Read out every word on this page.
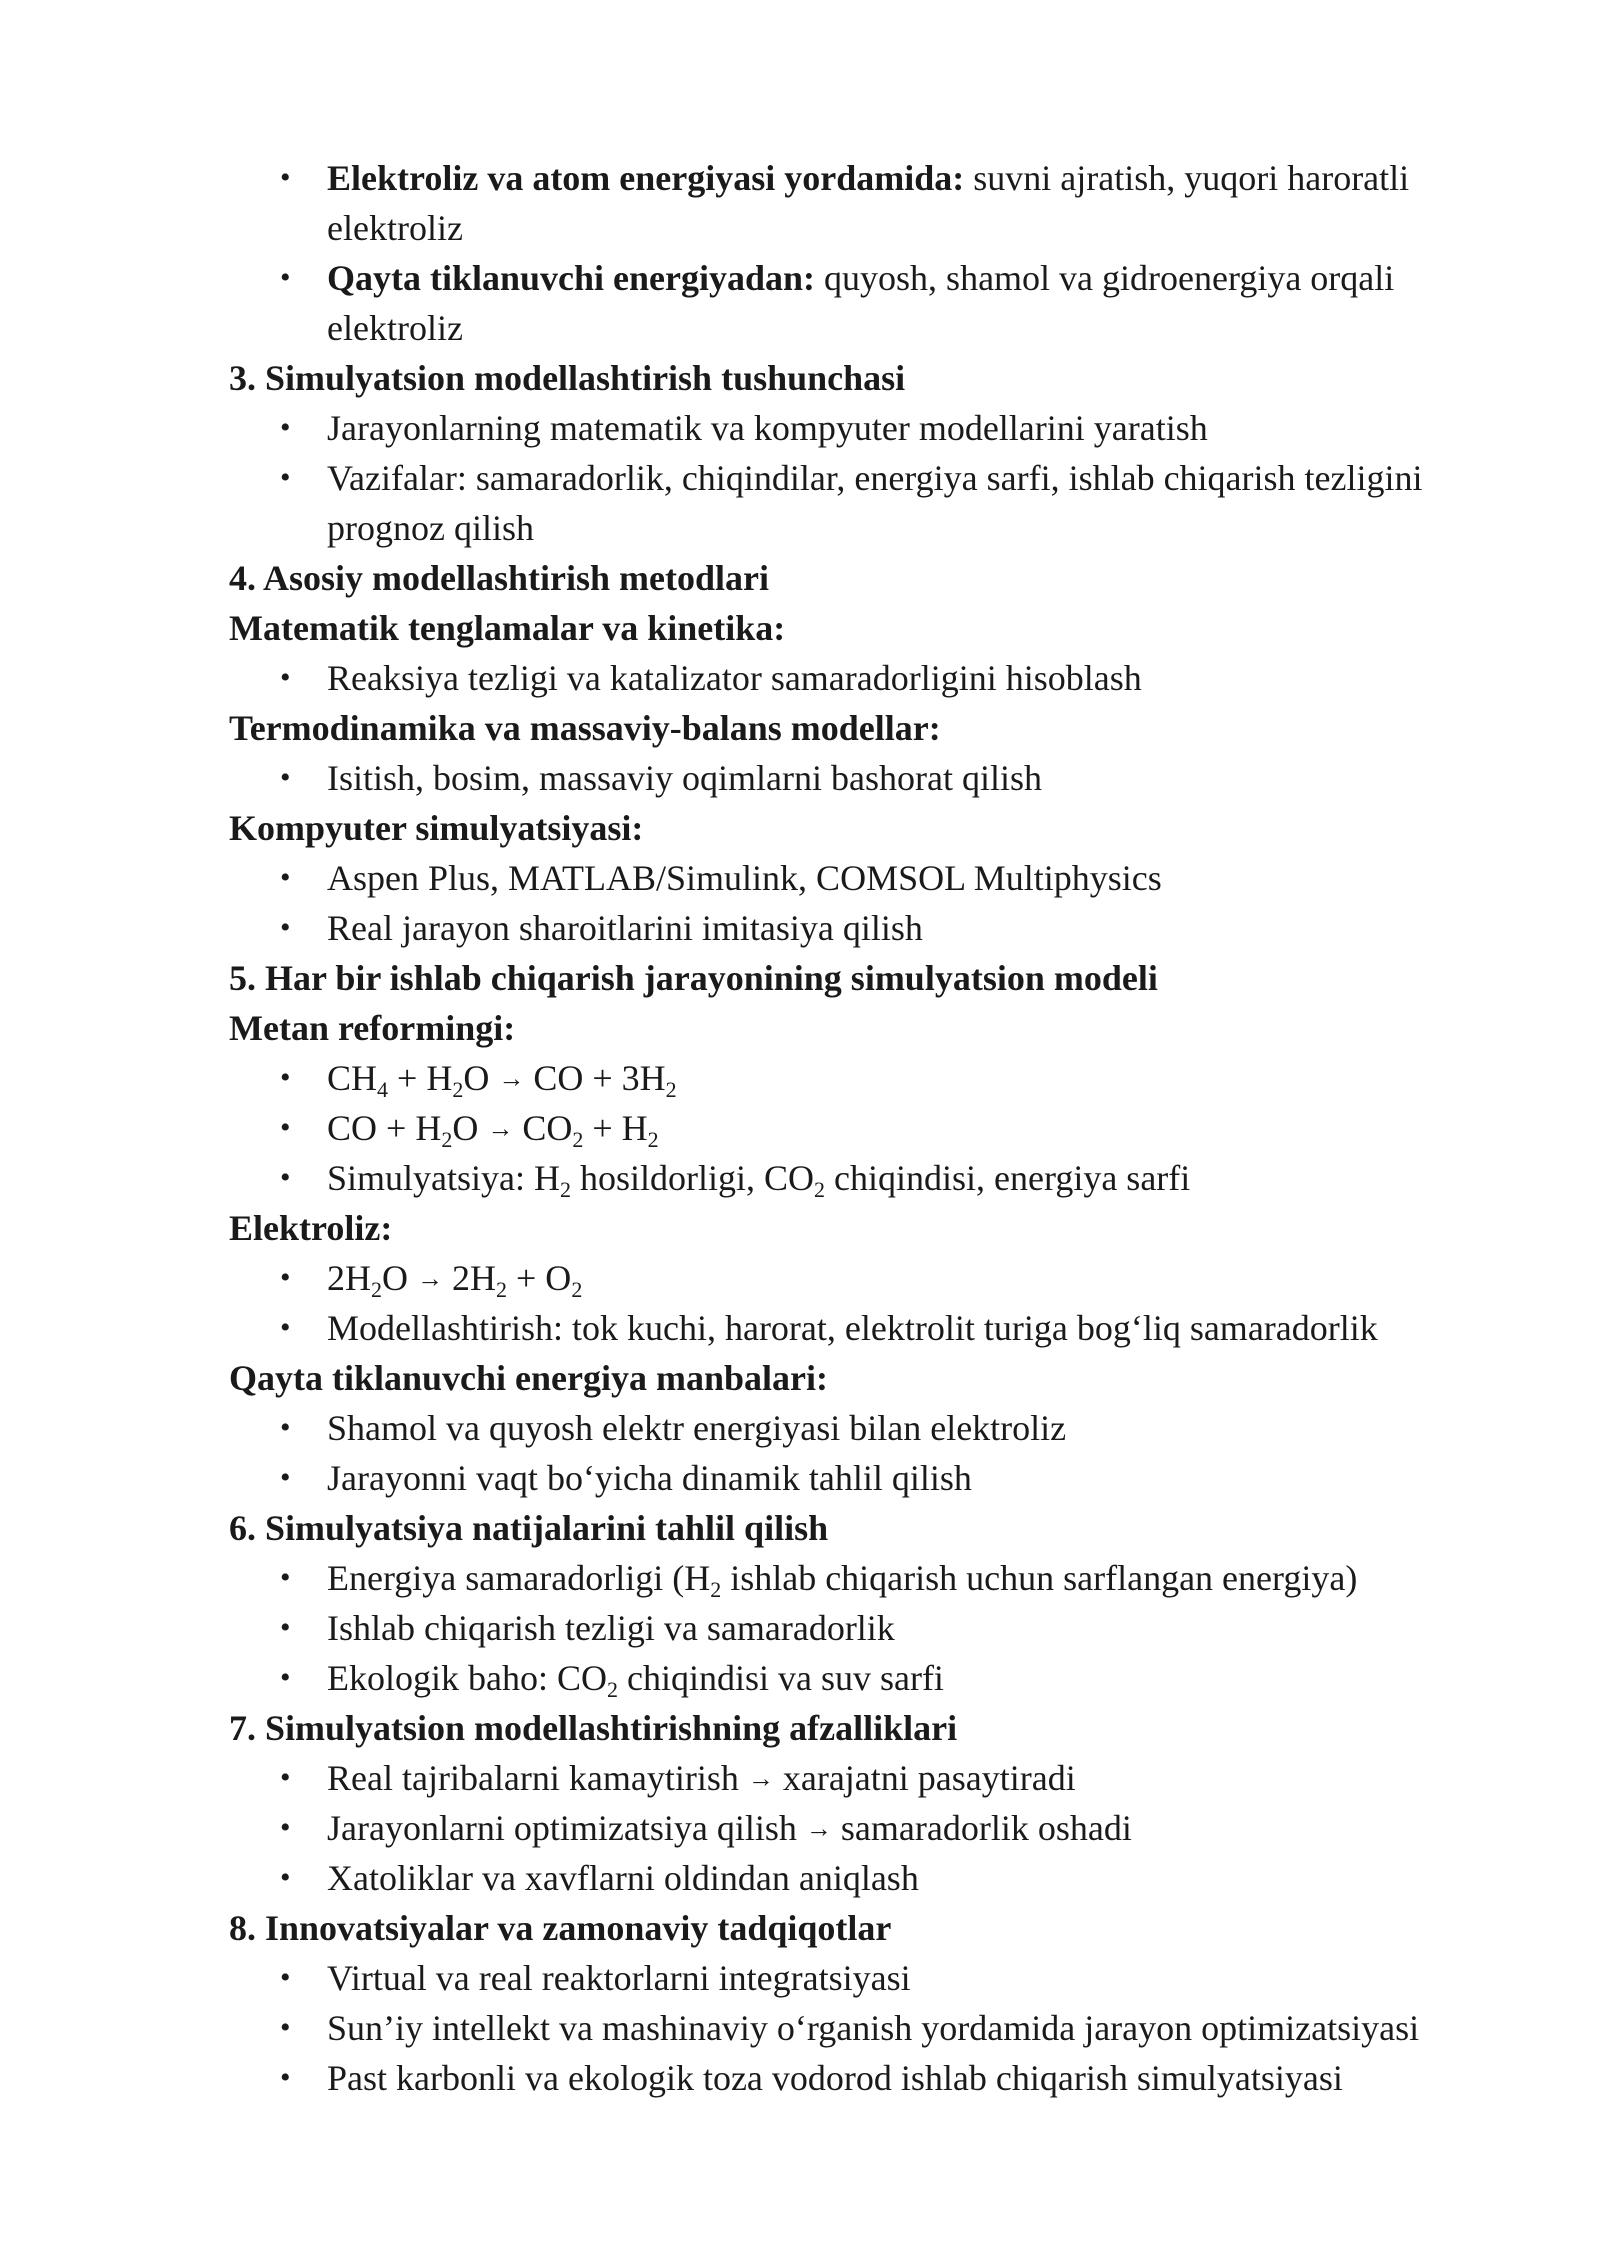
• Elektroliz va atom energiyasi yordamida: suvni ajratish, yuqori haroratli
elektroliz
• Qayta tiklanuvchi energiyadan: quyosh, shamol va gidroenergiya orqali
elektroliz
3. Simulyatsion modellashtirish tushunchasi
• Jarayonlarning matematik va kompyuter modellarini yaratish
• Vazifalar: samaradorlik, chiqindilar, energiya sarfi, ishlab chiqarish tezligini
prognoz qilish
4. Asosiy modellashtirish metodlari
Matematik tenglamalar va kinetika:
• Reaksiya tezligi va katalizator samaradorligini hisoblash
Termodinamika va massaviy-balans modellar:
• Isitish, bosim, massaviy oqimlarni bashorat qilish
Kompyuter simulyatsiyasi:
• Aspen Plus, MATLAB/Simulink, COMSOL Multiphysics
• Real jarayon sharoitlarini imitasiya qilish
5. Har bir ishlab chiqarish jarayonining simulyatsion modeli
Metan reformingi:
• $CH_4 + H_2O$ → CO + $3H_2$
• CO + $H_2O \to CO_2 + H_2$
• Simulyatsiya: $H_2$ hosildorligi, $CO_2$ chiqindisi, energiya sarfi
Elektroliz:
• $2H_2O \to 2H_2 + O_2$
• Modellashtirish: tok kuchi, harorat, elektrolit turiga bog‘liq samaradorlik
Qayta tiklanuvchi energiya manbalari:
• Shamol va quyosh elektr energiyasi bilan elektroliz
• Jarayonni vaqt bo‘yicha dinamik tahlil qilish
6. Simulyatsiya natijalarini tahlil qilish
• Energiya samaradorligi ($H_2$ ishlab chiqarish uchun sarflangan energiya)
• Ishlab chiqarish tezligi va samaradorlik
• Ekologik baho: $CO_2$ chiqindisi va suv sarfi
7. Simulyatsion modellashtirishning afzalliklari
• Real tajribalarni kamaytirish → xarajatni pasaytiradi
• Jarayonlarni optimizatsiya qilish → samaradorlik oshadi
• Xatoliklar va xavflarni oldindan aniqlash
8. Innovatsiyalar va zamonaviy tadqiqotlar
• Virtual va real reaktorlarni integratsiyasi
• Sun’iy intellekt va mashinaviy o‘rganish yordamida jarayon optimizatsiyasi
• Past karbonli va ekologik toza vodorod ishlab chiqarish simulyatsiyasi
